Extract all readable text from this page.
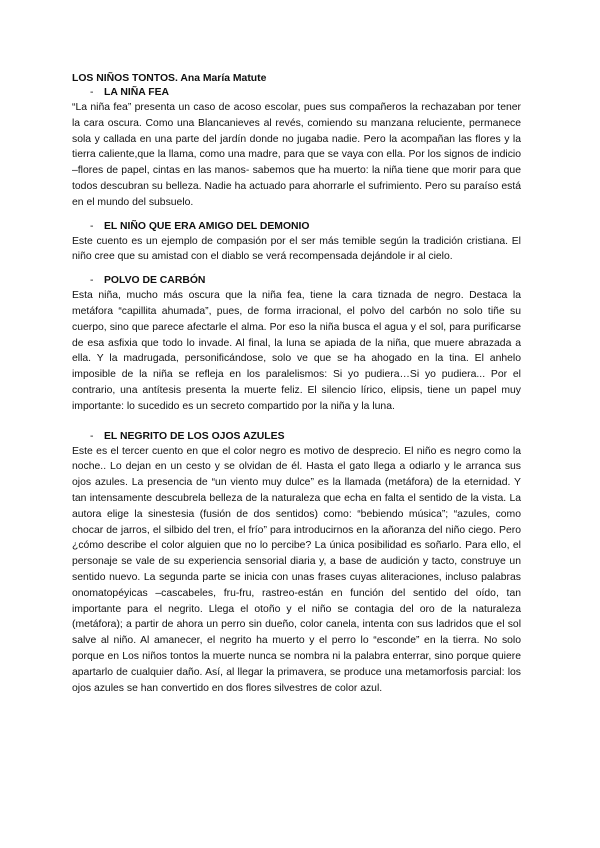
LOS NIÑOS TONTOS. Ana María Matute

-	LA NIÑA FEA

“La niña fea” presenta un caso de acoso escolar, pues sus compañeros la rechazaban por tener la cara oscura. Como una Blancanieves al revés, comiendo su manzana reluciente, permanece sola y callada en una parte del jardín donde no jugaba nadie. Pero la acompañan las flores y la tierra caliente,que la llama, como una madre, para que se vaya con ella. Por los signos de indicio –flores de papel, cintas en las manos- sabemos que ha muerto: la niña tiene que morir para que todos descubran su belleza. Nadie ha actuado para ahorrarle el sufrimiento. Pero su paraíso está en el mundo del subsuelo.

-	EL NIÑO QUE ERA AMIGO DEL DEMONIO

Este cuento es un ejemplo de compasión por el ser más temible según la tradición cristiana. El niño cree que su amistad con el diablo se verá recompensada dejándole ir al cielo.

-	POLVO DE CARBÓN

Esta niña, mucho más oscura que la niña fea, tiene la cara tiznada de negro. Destaca la metáfora “capillita ahumada”, pues, de forma irracional, el polvo del carbón no solo tiñe su cuerpo, sino que parece afectarle el alma. Por eso la niña busca el agua y el sol, para purificarse de esa asfixia que todo lo invade. Al final, la luna se apiada de la niña, que muere abrazada a ella. Y la madrugada, personificándose, solo ve que se ha ahogado en la tina. El anhelo imposible de la niña se refleja en los paralelismos: Si yo pudiera…Si yo pudiera... Por el contrario, una antítesis presenta la muerte feliz. El silencio lírico, elipsis, tiene un papel muy importante: lo sucedido es un secreto compartido por la niña y la luna.

-	EL NEGRITO DE LOS OJOS AZULES

Este es el tercer cuento en que el color negro es motivo de desprecio. El niño es negro como la noche.. Lo dejan en un cesto y se olvidan de él. Hasta el gato llega a odiarlo y le arranca sus ojos azules. La presencia de “un viento muy dulce” es la llamada (metáfora) de la eternidad. Y tan intensamente descubrela belleza de la naturaleza que echa en falta el sentido de la vista. La autora elige la sinestesia (fusión de dos sentidos) como: “bebiendo música”; “azules, como chocar de jarros, el silbido del tren, el frío” para introducirnos en la añoranza del niño ciego. Pero ¿cómo describe el color alguien que no lo percibe? La única posibilidad es soñarlo. Para ello, el personaje se vale de su experiencia sensorial diaria y, a base de audición y tacto, construye un sentido nuevo. La segunda parte se inicia con unas frases cuyas aliteraciones, incluso palabras onomatopéyicas –cascabeles, fru-fru, rastreo-están en función del sentido del oído, tan importante para el negrito. Llega el otoño y el niño se contagia del oro de la naturaleza (metáfora); a partir de ahora un perro sin dueño, color canela, intenta con sus ladridos que el sol salve al niño. Al amanecer, el negrito ha muerto y el perro lo “esconde” en la tierra. No solo porque en Los niños tontos la muerte nunca se nombra ni la palabra enterrar, sino porque quiere apartarlo de cualquier daño. Así, al llegar la primavera, se produce una metamorfosis parcial: los ojos azules se han convertido en dos flores silvestres de color azul.
